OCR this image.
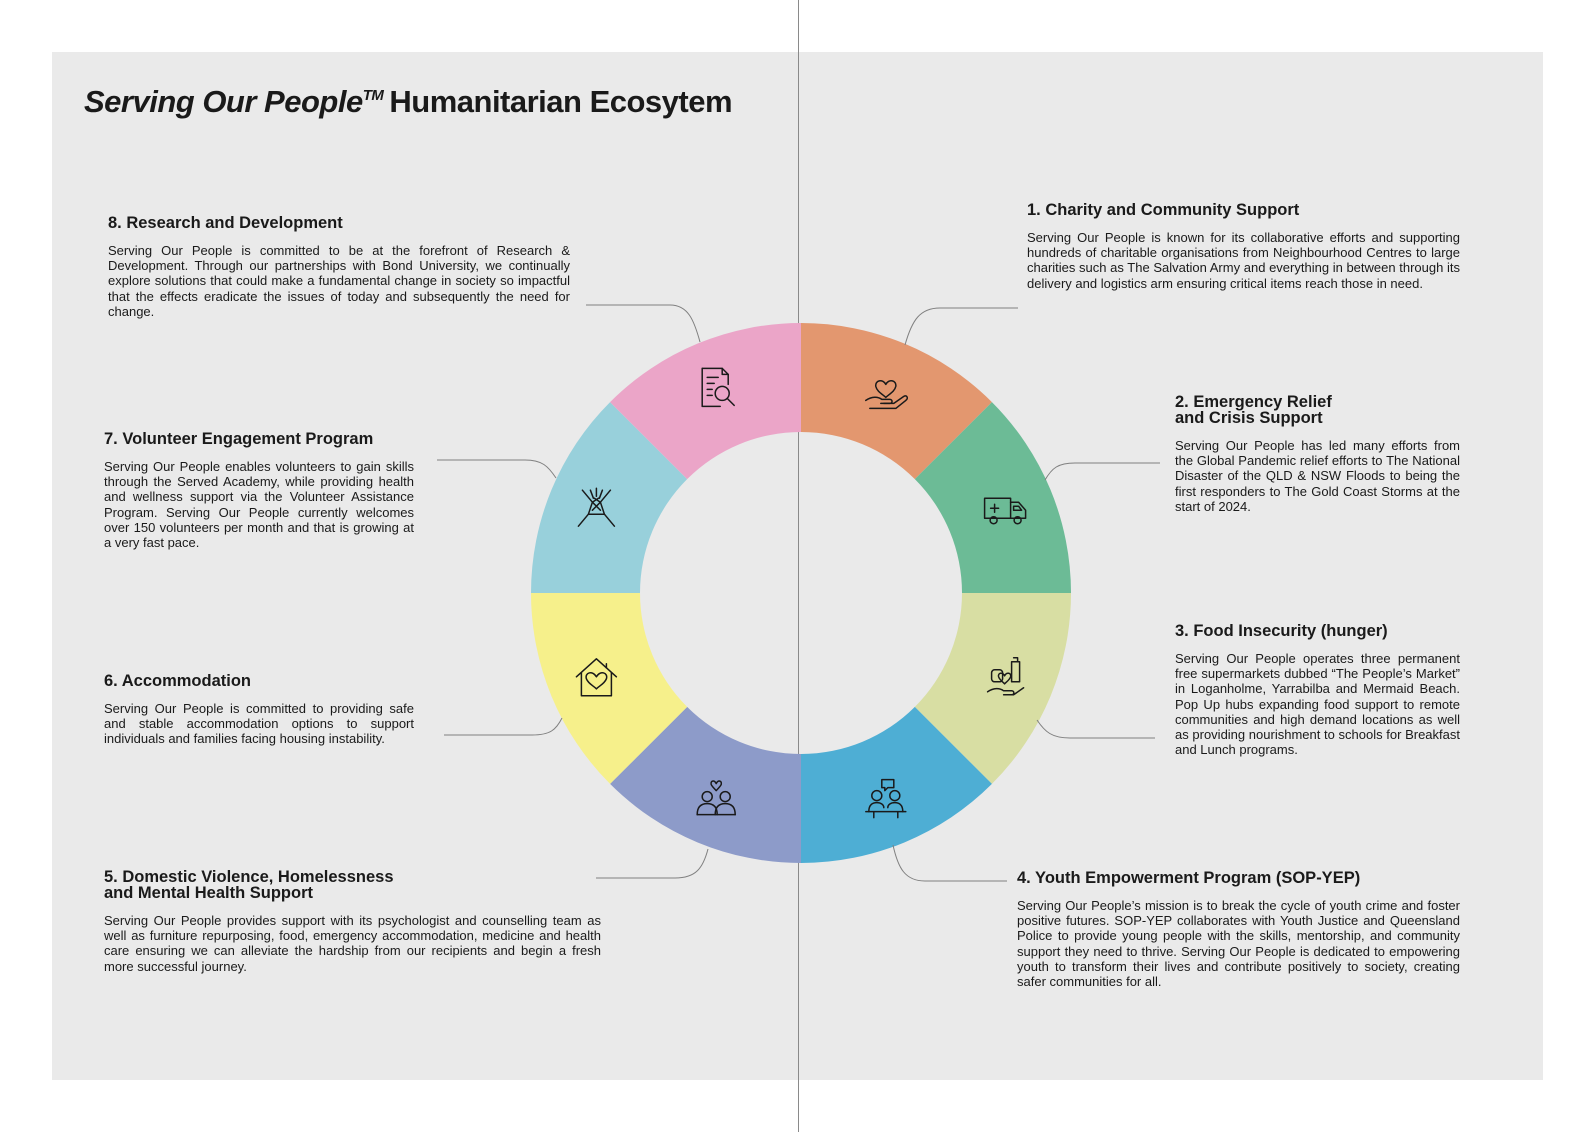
Serving Our People™ Humanitarian Ecosytem
1. Charity and Community Support

Serving Our People is known for its collaborative efforts and supporting hundreds of charitable organisations from Neighbourhood Centres to large charities such as The Salvation Army and everything in between through its delivery and logistics arm ensuring critical items reach those in need.

2. Emergency Relief
and Crisis Support

Serving Our People has led many efforts from the Global Pandemic relief efforts to The National Disaster of the QLD & NSW Floods to being the first responders to The Gold Coast Storms at the start of 2024.

3. Food Insecurity (hunger)

Serving Our People operates three permanent free supermarkets dubbed “The People’s Market” in Loganholme, Yarrabilba and Mermaid Beach. Pop Up hubs expanding food support to remote communities and high demand locations as well as providing nourishment to schools for Breakfast and Lunch programs.

4. Youth Empowerment Program (SOP-YEP)

Serving Our People’s mission is to break the cycle of youth crime and foster positive futures. SOP-YEP collaborates with Youth Justice and Queensland Police to provide young people with the skills, mentorship, and community support they need to thrive. Serving Our People is dedicated to empowering youth to transform their lives and contribute positively to society, creating safer communities for all.

5. Domestic Violence, Homelessness
and Mental Health Support

Serving Our People provides support with its psychologist and counselling team as well as furniture repurposing, food, emergency accommodation, medicine and health care ensuring we can alleviate the hardship from our recipients and begin a fresh more successful journey.

6. Accommodation

Serving Our People is committed to providing safe and stable accommodation options to support individuals and families facing housing instability.

7. Volunteer Engagement Program

Serving Our People enables volunteers to gain skills through the Served Academy, while providing health and wellness support via the Volunteer Assistance Program. Serving Our People currently welcomes over 150 volunteers per month and that is growing at a very fast pace.

8. Research and Development

Serving Our People is committed to be at the forefront of Research & Development. Through our partnerships with Bond University, we continually explore solutions that could make a fundamental change in society so impactful that the effects eradicate the issues of today and subsequently the need for change.
